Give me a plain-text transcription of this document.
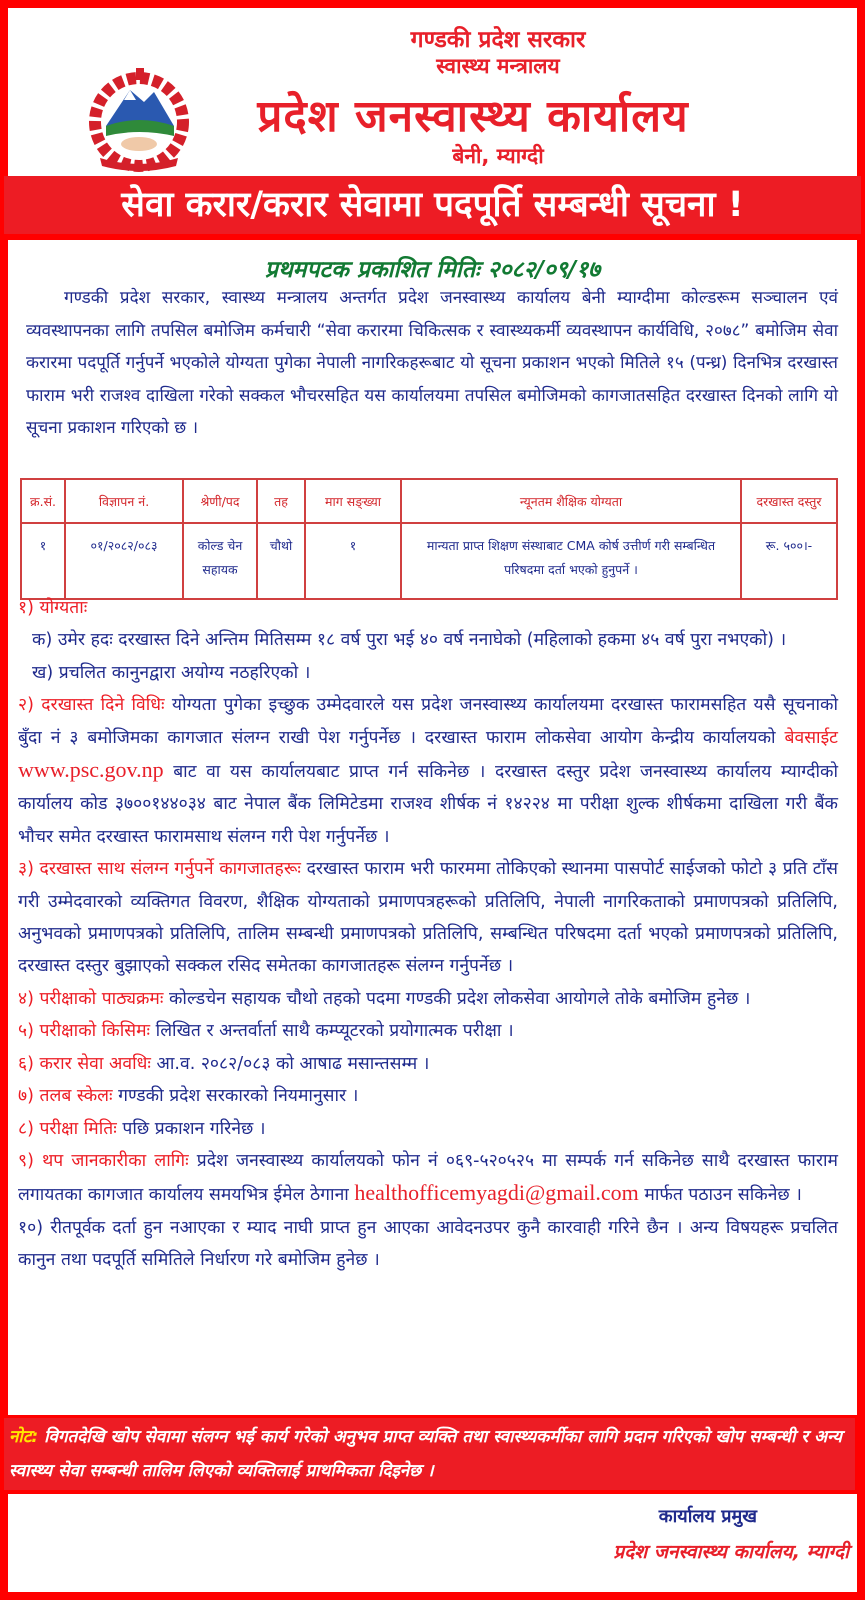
गण्डकी प्रदेश सरकार
स्वास्थ्य मन्त्रालय
प्रदेश जनस्वास्थ्य कार्यालय
बेनी, म्याग्दी
सेवा करार/करार सेवामा पदपूर्ति सम्बन्धी सूचना !
प्रथमपटक प्रकाशित मितिः २०८२/०९/१७
गण्डकी प्रदेश सरकार, स्वास्थ्य मन्त्रालय अन्तर्गत प्रदेश जनस्वास्थ्य कार्यालय बेनी म्याग्दीमा कोल्डरूम सञ्चालन एवं व्यवस्थापनका लागि तपसिल बमोजिम कर्मचारी “सेवा करारमा चिकित्सक र स्वास्थ्यकर्मी व्यवस्थापन कार्यविधि, २०७८” बमोजिम सेवा करारमा पदपूर्ति गर्नुपर्ने भएकोले योग्यता पुगेका नेपाली नागरिकहरूबाट यो सूचना प्रकाशन भएको मितिले १५ (पन्ध्र) दिनभित्र दरखास्त फाराम भरी राजश्व दाखिला गरेको सक्कल भौचरसहित यस कार्यालयमा तपसिल बमोजिमको कागजातसहित दरखास्त दिनको लागि यो सूचना प्रकाशन गरिएको छ ।
क्र.सं.	विज्ञापन नं.	श्रेणी/पद	तह	माग सङ्ख्या	न्यूनतम शैक्षिक योग्यता	दरखास्त दस्तुर
१	०१/२०८२/०८३	कोल्ड चेन सहायक	चौथो	१	मान्यता प्राप्त शिक्षण संस्थाबाट CMA कोर्ष उत्तीर्ण गरी सम्बन्धित परिषदमा दर्ता भएको हुनुपर्ने ।	रू. ५००।-

१) योग्यताः

क) उमेर हदः दरखास्त दिने अन्तिम मितिसम्म १८ वर्ष पुरा भई ४० वर्ष ननाघेको (महिलाको हकमा ४५ वर्ष पुरा नभएको) ।

ख) प्रचलित कानुनद्वारा अयोग्य नठहरिएको ।

२) दरखास्त दिने विधिः योग्यता पुगेका इच्छुक उम्मेदवारले यस प्रदेश जनस्वास्थ्य कार्यालयमा दरखास्त फारामसहित यसै सूचनाको बुँदा नं ३ बमोजिमका कागजात संलग्न राखी पेश गर्नुपर्नेछ । दरखास्त फाराम लोकसेवा आयोग केन्द्रीय कार्यालयको बेवसाईट www.psc.gov.np बाट वा यस कार्यालयबाट प्राप्त गर्न सकिनेछ । दरखास्त दस्तुर प्रदेश जनस्वास्थ्य कार्यालय म्याग्दीको कार्यालय कोड ३७००१४४०३४ बाट नेपाल बैंक लिमिटेडमा राजश्व शीर्षक नं १४२२४ मा परीक्षा शुल्क शीर्षकमा दाखिला गरी बैंक भौचर समेत दरखास्त फारामसाथ संलग्न गरी पेश गर्नुपर्नेछ ।

३) दरखास्त साथ संलग्न गर्नुपर्ने कागजातहरूः दरखास्त फाराम भरी फारममा तोकिएको स्थानमा पासपोर्ट साईजको फोटो ३ प्रति टाँस गरी उम्मेदवारको व्यक्तिगत विवरण, शैक्षिक योग्यताको प्रमाणपत्रहरूको प्रतिलिपि, नेपाली नागरिकताको प्रमाणपत्रको प्रतिलिपि, अनुभवको प्रमाणपत्रको प्रतिलिपि, तालिम सम्बन्धी प्रमाणपत्रको प्रतिलिपि, सम्बन्धित परिषदमा दर्ता भएको प्रमाणपत्रको प्रतिलिपि, दरखास्त दस्तुर बुझाएको सक्कल रसिद समेतका कागजातहरू संलग्न गर्नुपर्नेछ ।

४) परीक्षाको पाठ्यक्रमः कोल्डचेन सहायक चौथो तहको पदमा गण्डकी प्रदेश लोकसेवा आयोगले तोके बमोजिम हुनेछ ।

५) परीक्षाको किसिमः लिखित र अन्तर्वार्ता साथै कम्प्यूटरको प्रयोगात्मक परीक्षा ।

६) करार सेवा अवधिः आ.व. २०८२/०८३ को आषाढ मसान्तसम्म ।

७) तलब स्केलः गण्डकी प्रदेश सरकारको नियमानुसार ।

८) परीक्षा मितिः पछि प्रकाशन गरिनेछ ।

९) थप जानकारीका लागिः प्रदेश जनस्वास्थ्य कार्यालयको फोन नं ०६९-५२०५२५ मा सम्पर्क गर्न सकिनेछ साथै दरखास्त फाराम लगायतका कागजात कार्यालय समयभित्र ईमेल ठेगाना healthofficemyagdi@gmail.com मार्फत पठाउन सकिनेछ ।

१०) रीतपूर्वक दर्ता हुन नआएका र म्याद नाघी प्राप्त हुन आएका आवेदनउपर कुनै कारवाही गरिने छैन । अन्य विषयहरू प्रचलित कानुन तथा पदपूर्ति समितिले निर्धारण गरे बमोजिम हुनेछ ।

नोट: विगतदेखि खोप सेवामा संलग्न भई कार्य गरेको अनुभव प्राप्त व्यक्ति तथा स्वास्थ्यकर्मीका लागि प्रदान गरिएको खोप सम्बन्धी र अन्य स्वास्थ्य सेवा सम्बन्धी तालिम लिएको व्यक्तिलाई प्राथमिकता दिइनेछ ।
कार्यालय प्रमुख
प्रदेश जनस्वास्थ्य कार्यालय, म्याग्दी
